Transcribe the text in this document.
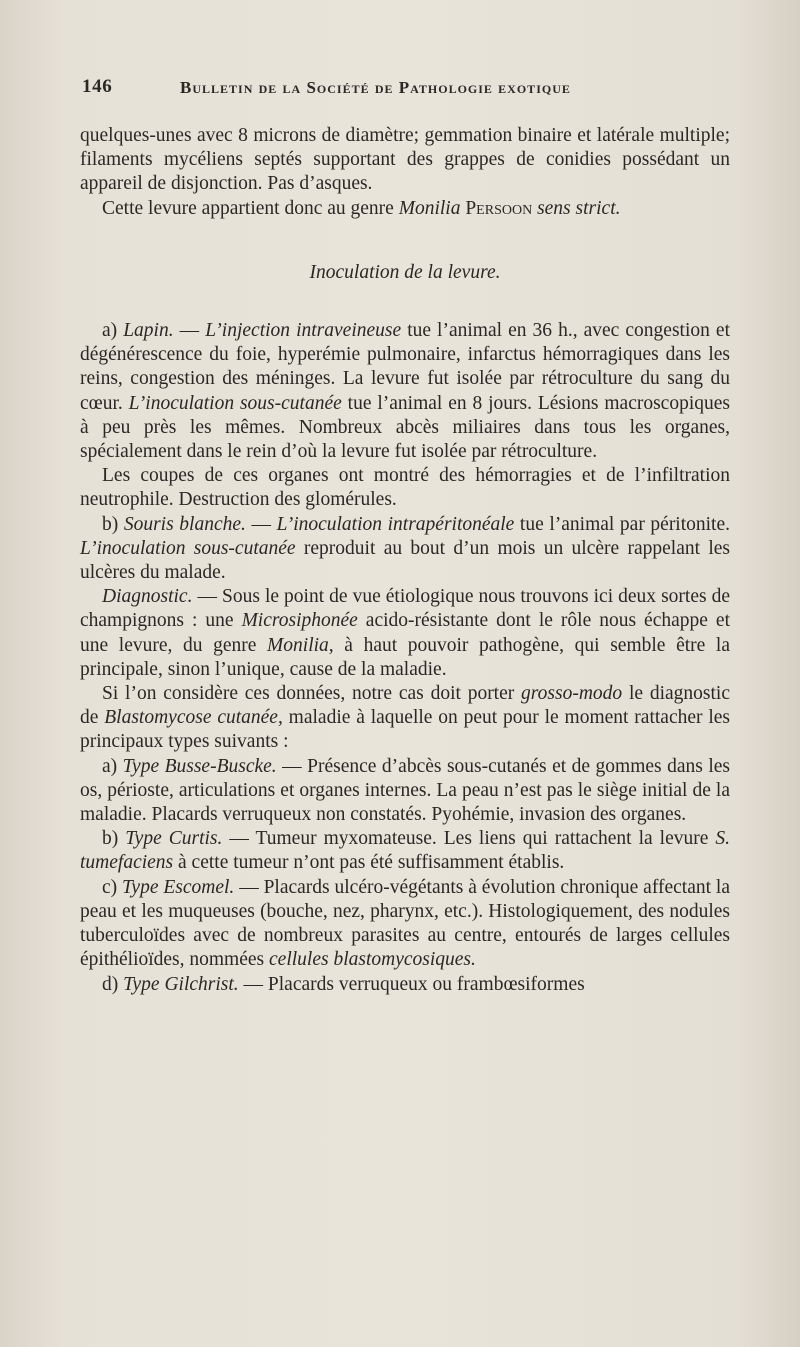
146	Bulletin de la Société de Pathologie exotique

quelques-unes avec 8 microns de diamètre; gemmation binaire et latérale multiple; filaments mycéliens septés supportant des grappes de conidies possédant un appareil de disjonction. Pas d’asques.

Cette levure appartient donc au genre Monilia Persoon sens strict.

Inoculation de la levure.

a) Lapin. — L’injection intraveineuse tue l’animal en 36 h., avec congestion et dégénérescence du foie, hyperémie pulmonaire, infarctus hémorragiques dans les reins, congestion des méninges. La levure fut isolée par rétroculture du sang du cœur. L’inoculation sous-cutanée tue l’animal en 8 jours. Lésions macroscopiques à peu près les mêmes. Nombreux abcès miliaires dans tous les organes, spécialement dans le rein d’où la levure fut isolée par rétroculture.

Les coupes de ces organes ont montré des hémorragies et de l’infiltration neutrophile. Destruction des glomérules.

b) Souris blanche. — L’inoculation intrapéritonéale tue l’animal par péritonite. L’inoculation sous-cutanée reproduit au bout d’un mois un ulcère rappelant les ulcères du malade.

Diagnostic. — Sous le point de vue étiologique nous trouvons ici deux sortes de champignons : une Microsiphonée acido-résistante dont le rôle nous échappe et une levure, du genre Monilia, à haut pouvoir pathogène, qui semble être la principale, sinon l’unique, cause de la maladie.

Si l’on considère ces données, notre cas doit porter grosso-modo le diagnostic de Blastomycose cutanée, maladie à laquelle on peut pour le moment rattacher les principaux types suivants :

a) Type Busse-Buscke. — Présence d’abcès sous-cutanés et de gommes dans les os, périoste, articulations et organes internes. La peau n’est pas le siège initial de la maladie. Placards verruqueux non constatés. Pyohémie, invasion des organes.

b) Type Curtis. — Tumeur myxomateuse. Les liens qui rattachent la levure S. tumefaciens à cette tumeur n’ont pas été suffisamment établis.

c) Type Escomel. — Placards ulcéro-végétants à évolution chronique affectant la peau et les muqueuses (bouche, nez, pharynx, etc.). Histologiquement, des nodules tuberculoïdes avec de nombreux parasites au centre, entourés de larges cellules épithélioïdes, nommées cellules blastomycosiques.

d) Type Gilchrist. — Placards verruqueux ou frambœsiformes
